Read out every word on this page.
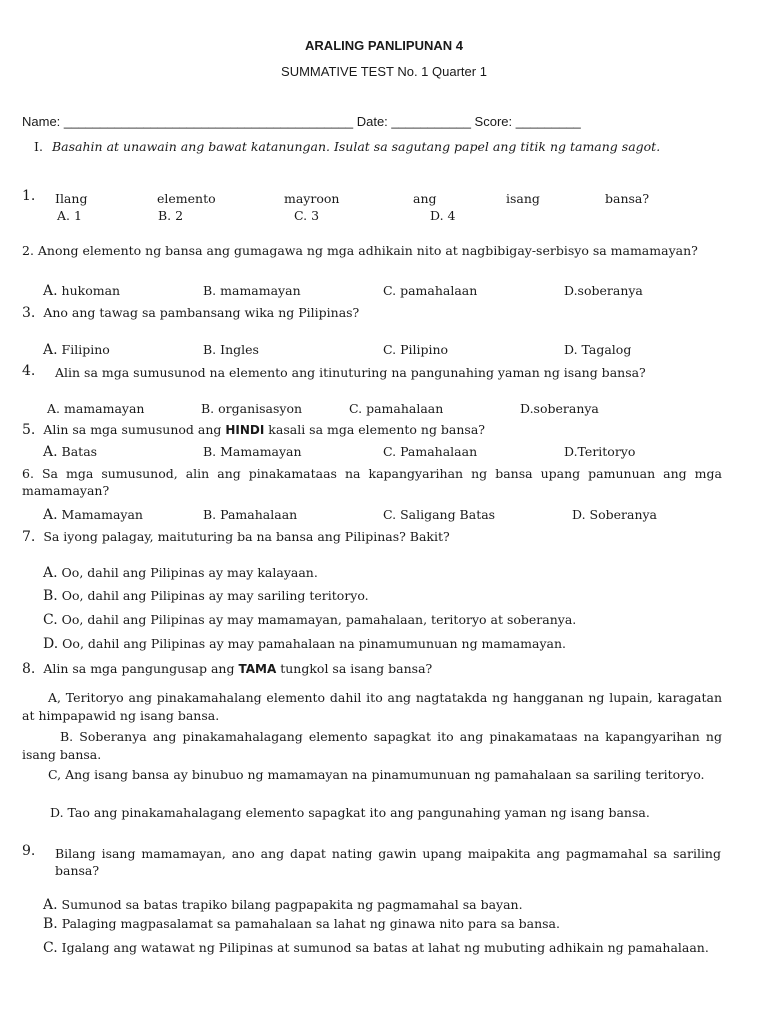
ARALING PANLIPUNAN 4
SUMMATIVE TEST No. 1 Quarter 1
Name: ________________________________________ Date: ___________ Score: _________
I. Basahin at unawain ang bawat katanungan. Isulat sa sagutang papel ang titik ng tamang sagot.
1. Ilang	elemento	mayroon	ang	isang	bansa?
A. 1	B. 2	C. 3	D. 4
2. Anong elemento ng bansa ang gumagawa ng mga adhikain nito at nagbibigay-serbisyo sa mamamayan?
A. hukoman	B. mamamayan	C. pamahalaan	D.soberanya
3. Ano ang tawag sa pambansang wika ng Pilipinas?
A. Filipino	B. Ingles	C. Pilipino	D. Tagalog
4. Alin sa mga sumusunod na elemento ang itinuturing na pangunahing yaman ng isang bansa?
A. mamamayan	B. organisasyon	C. pamahalaan	D.soberanya
5. Alin sa mga sumusunod ang HINDI kasali sa mga elemento ng bansa?
A. Batas	B. Mamamayan	C. Pamahalaan	D.Teritoryo
6. Sa mga sumusunod, alin ang pinakamataas na kapangyarihan ng bansa upang pamunuan ang mga mamamayan?
A. Mamamayan	B. Pamahalaan	C. Saligang Batas	D. Soberanya
7. Sa iyong palagay, maituturing ba na bansa ang Pilipinas? Bakit?
A. Oo, dahil ang Pilipinas ay may kalayaan.
B. Oo, dahil ang Pilipinas ay may sariling teritoryo.
C. Oo, dahil ang Pilipinas ay may mamamayan, pamahalaan, teritoryo at soberanya.
D. Oo, dahil ang Pilipinas ay may pamahalaan na pinamumunuan ng mamamayan.
8. Alin sa mga pangungusap ang TAMA tungkol sa isang bansa?
A, Teritoryo ang pinakamahalang elemento dahil ito ang nagtatakda ng hangganan ng lupain, karagatan at himpapawid ng isang bansa.
B. Soberanya ang pinakamahalagang elemento sapagkat ito ang pinakamataas na kapangyarihan ng isang bansa.
C, Ang isang bansa ay binubuo ng mamamayan na pinamumunuan ng pamahalaan sa sariling teritoryo.
D. Tao ang pinakamahalagang elemento sapagkat ito ang pangunahing yaman ng isang bansa.
9. Bilang isang mamamayan, ano ang dapat nating gawin upang maipakita ang pagmamahal sa sariling bansa?
A. Sumunod sa batas trapiko bilang pagpapakita ng pagmamahal sa bayan.
B. Palaging magpasalamat sa pamahalaan sa lahat ng ginawa nito para sa bansa.
C. Igalang ang watawat ng Pilipinas at sumunod sa batas at lahat ng mubuting adhikain ng pamahalaan.
